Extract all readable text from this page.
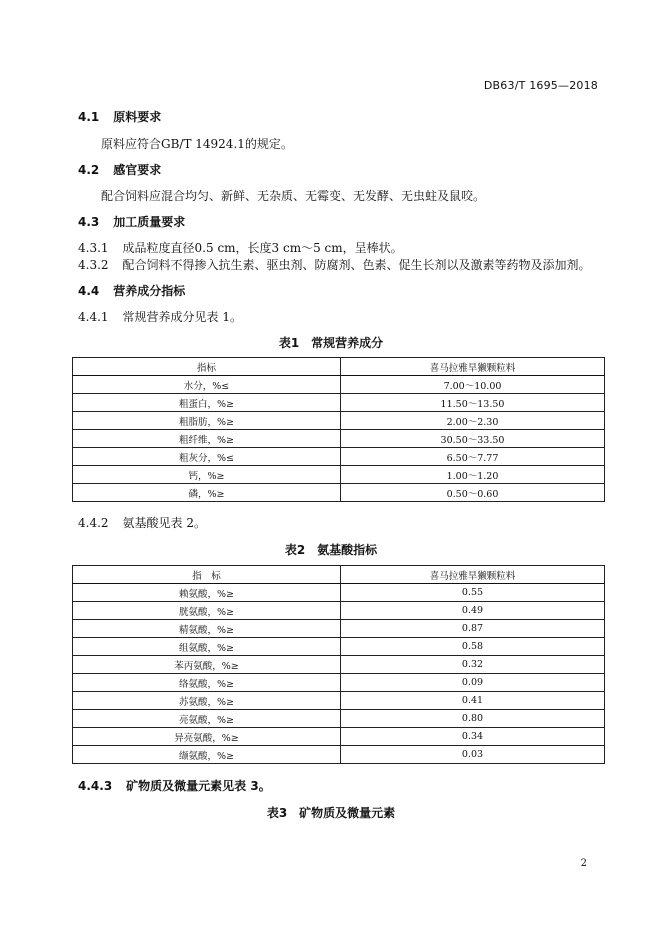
DB63/T 1695—2018
4.1 原料要求
原料应符合GB/T 14924.1的规定。
4.2 感官要求
配合饲料应混合均匀、新鲜、无杂质、无霉变、无发酵、无虫蛀及鼠咬。
4.3 加工质量要求
4.3.1 成品粒度直径0.5 cm，长度3 cm～5 cm，呈棒状。
4.3.2 配合饲料不得掺入抗生素、驱虫剂、防腐剂、色素、促生长剂以及激素等药物及添加剂。
4.4 营养成分指标
4.4.1 常规营养成分见表 1。
表1　常规营养成分
指标	喜马拉雅旱獭颗粒料
水分，%≤	7.00～10.00
粗蛋白，%≥	11.50～13.50
粗脂肪，%≥	2.00～2.30
粗纤维，%≥	30.50～33.50
粗灰分，%≤	6.50～7.77
钙，%≥	1.00～1.20
磷，%≥	0.50～0.60
4.4.2 氨基酸见表 2。
表2　氨基酸指标
指　标	喜马拉雅旱獭颗粒料
赖氨酸，%≥	0.55
胱氨酸，%≥	0.49
精氨酸，%≥	0.87
组氨酸，%≥	0.58
苯丙氨酸，%≥	0.32
络氨酸，%≥	0.09
苏氨酸，%≥	0.41
亮氨酸，%≥	0.80
异亮氨酸，%≥	0.34
缬氨酸，%≥	0.03
4.4.3 矿物质及微量元素见表 3。
表3　矿物质及微量元素
2
